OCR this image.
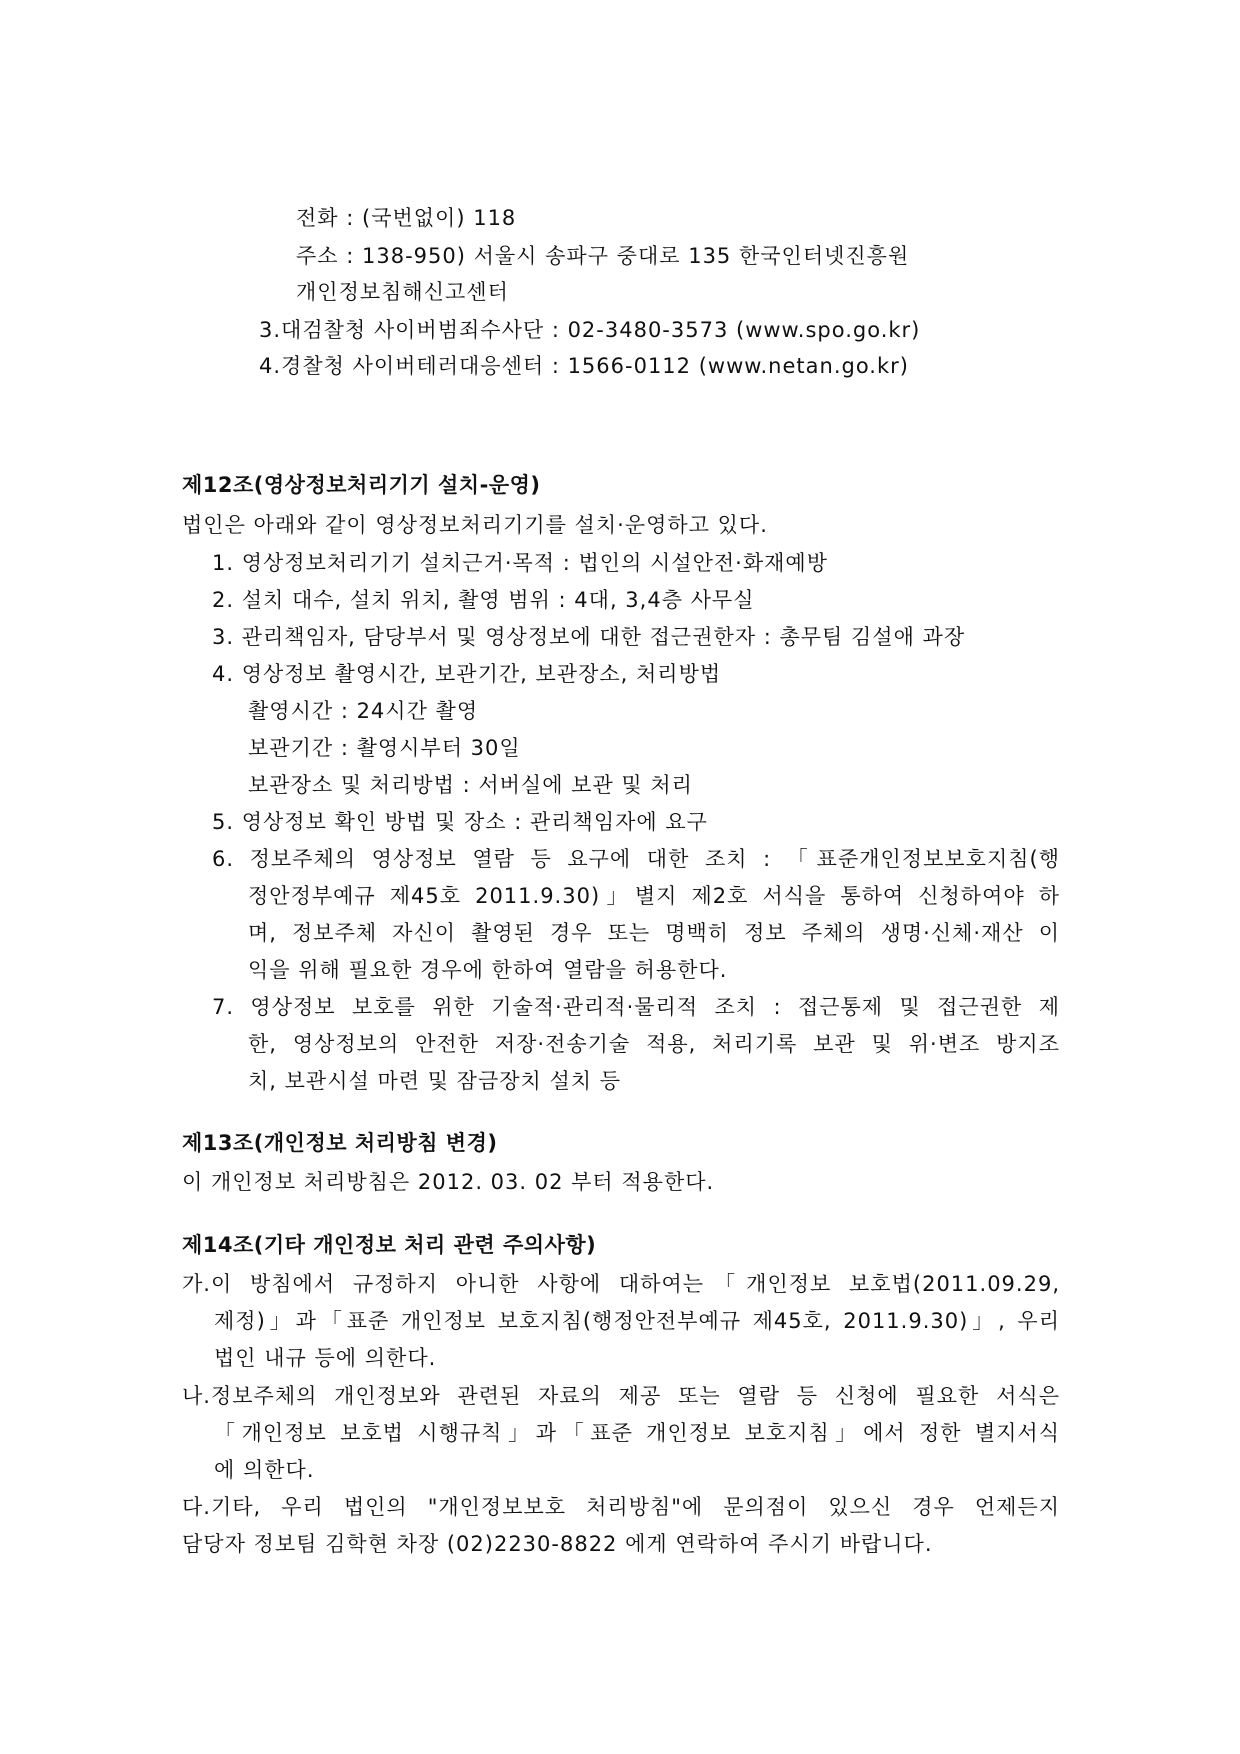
전화 : (국번없이) 118
주소 : 138-950) 서울시 송파구 중대로 135 한국인터넷진흥원
개인정보침해신고센터
3.대검찰청 사이버범죄수사단 : 02-3480-3573 (www.spo.go.kr)
4.경찰청 사이버테러대응센터 : 1566-0112 (www.netan.go.kr)
제12조(영상정보처리기기 설치-운영)
법인은 아래와 같이 영상정보처리기기를 설치·운영하고 있다.
1. 영상정보처리기기 설치근거·목적 : 법인의 시설안전·화재예방
2. 설치 대수, 설치 위치, 촬영 범위 : 4대, 3,4층 사무실
3. 관리책임자, 담당부서 및 영상정보에 대한 접근권한자 : 총무팀 김설애 과장
4. 영상정보 촬영시간, 보관기간, 보관장소, 처리방법
촬영시간 : 24시간 촬영
보관기간 : 촬영시부터 30일
보관장소 및 처리방법 : 서버실에 보관 및 처리
5. 영상정보 확인 방법 및 장소 : 관리책임자에 요구
6. 정보주체의 영상정보 열람 등 요구에 대한 조치 : 「표준개인정보보호지침(행
정안정부예규 제45호 2011.9.30)」별지 제2호 서식을 통하여 신청하여야 하
며, 정보주체 자신이 촬영된 경우 또는 명백히 정보 주체의 생명·신체·재산 이
익을 위해 필요한 경우에 한하여 열람을 허용한다.
7. 영상정보 보호를 위한 기술적·관리적·물리적 조치 : 접근통제 및 접근권한 제
한, 영상정보의 안전한 저장·전송기술 적용, 처리기록 보관 및 위·변조 방지조
치, 보관시설 마련 및 잠금장치 설치 등
제13조(개인정보 처리방침 변경)
이 개인정보 처리방침은 2012. 03. 02 부터 적용한다.
제14조(기타 개인정보 처리 관련 주의사항)
가.이 방침에서 규정하지 아니한 사항에 대하여는「개인정보 보호법(2011.09.29,
제정)」과「표준 개인정보 보호지침(행정안전부예규 제45호, 2011.9.30)」, 우리
법인 내규 등에 의한다.
나.정보주체의 개인정보와 관련된 자료의 제공 또는 열람 등 신청에 필요한 서식은
「개인정보 보호법 시행규칙」과「표준 개인정보 보호지침」에서 정한 별지서식
에 의한다.
다.기타, 우리 법인의 "개인정보보호 처리방침"에 문의점이 있으신 경우 언제든지
담당자 정보팀 김학현 차장 (02)2230-8822 에게 연락하여 주시기 바랍니다.
